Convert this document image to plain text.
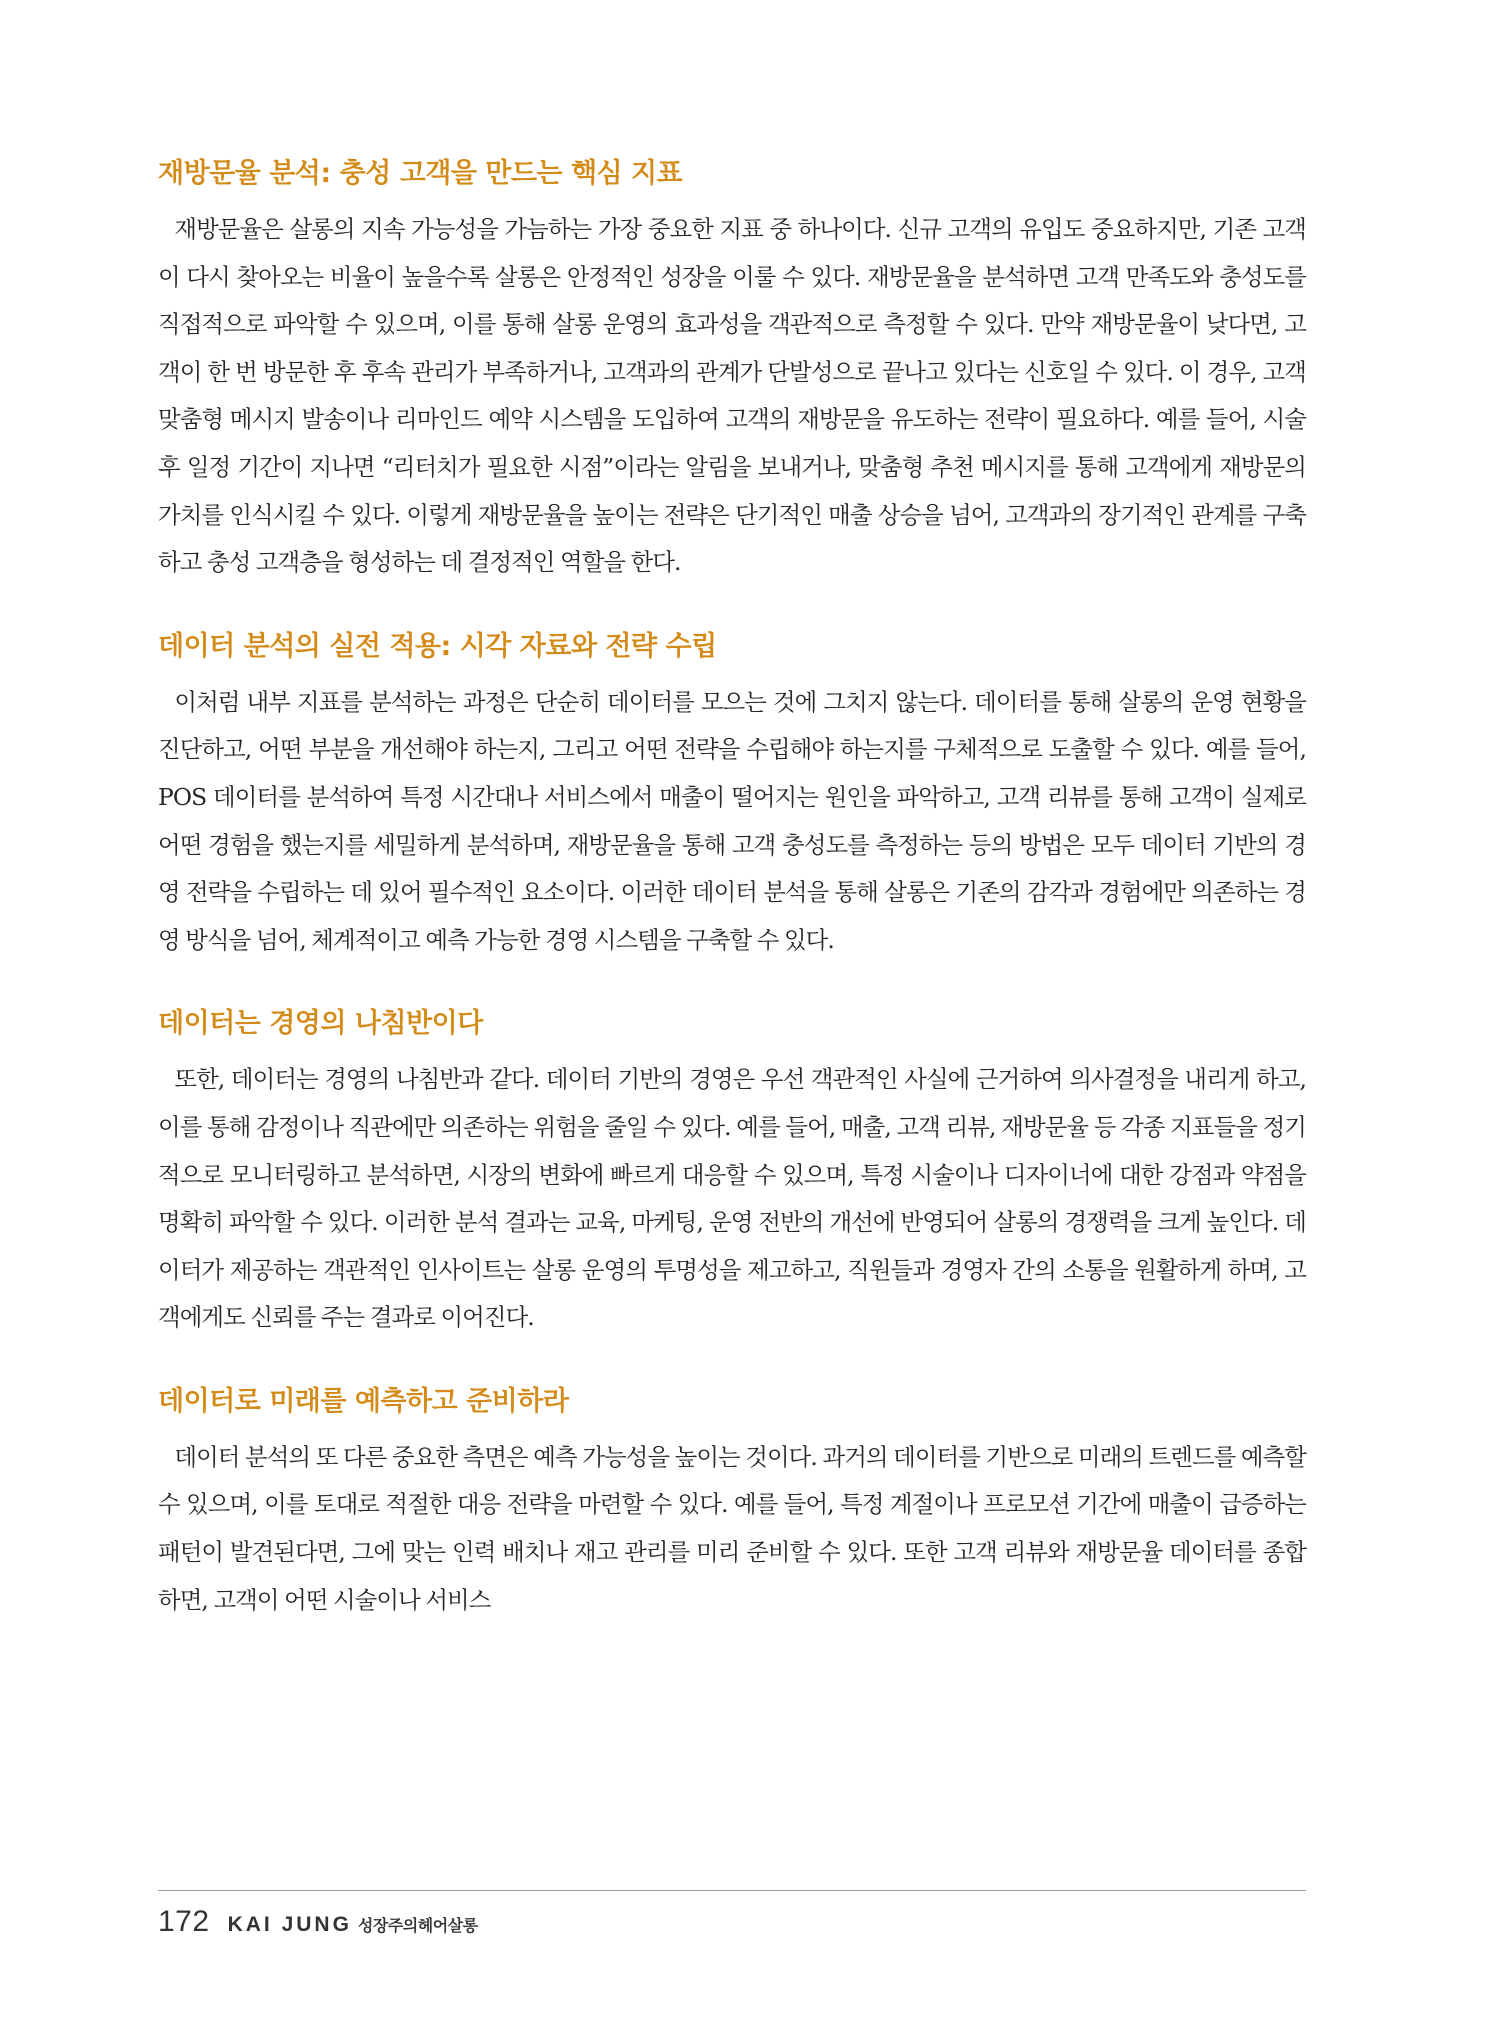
재방문율 분석: 충성 고객을 만드는 핵심 지표

재방문율은 살롱의 지속 가능성을 가늠하는 가장 중요한 지표 중 하나이다. 신규 고객의 유입도 중요하지만, 기존 고객이 다시 찾아오는 비율이 높을수록 살롱은 안정적인 성장을 이룰 수 있다. 재방문율을 분석하면 고객 만족도와 충성도를 직접적으로 파악할 수 있으며, 이를 통해 살롱 운영의 효과성을 객관적으로 측정할 수 있다. 만약 재방문율이 낮다면, 고객이 한 번 방문한 후 후속 관리가 부족하거나, 고객과의 관계가 단발성으로 끝나고 있다는 신호일 수 있다. 이 경우, 고객 맞춤형 메시지 발송이나 리마인드 예약 시스템을 도입하여 고객의 재방문을 유도하는 전략이 필요하다. 예를 들어, 시술 후 일정 기간이 지나면 “리터치가 필요한 시점”이라는 알림을 보내거나, 맞춤형 추천 메시지를 통해 고객에게 재방문의 가치를 인식시킬 수 있다. 이렇게 재방문율을 높이는 전략은 단기적인 매출 상승을 넘어, 고객과의 장기적인 관계를 구축하고 충성 고객층을 형성하는 데 결정적인 역할을 한다.

데이터 분석의 실전 적용: 시각 자료와 전략 수립

이처럼 내부 지표를 분석하는 과정은 단순히 데이터를 모으는 것에 그치지 않는다. 데이터를 통해 살롱의 운영 현황을 진단하고, 어떤 부분을 개선해야 하는지, 그리고 어떤 전략을 수립해야 하는지를 구체적으로 도출할 수 있다. 예를 들어, POS 데이터를 분석하여 특정 시간대나 서비스에서 매출이 떨어지는 원인을 파악하고, 고객 리뷰를 통해 고객이 실제로 어떤 경험을 했는지를 세밀하게 분석하며, 재방문율을 통해 고객 충성도를 측정하는 등의 방법은 모두 데이터 기반의 경영 전략을 수립하는 데 있어 필수적인 요소이다. 이러한 데이터 분석을 통해 살롱은 기존의 감각과 경험에만 의존하는 경영 방식을 넘어, 체계적이고 예측 가능한 경영 시스템을 구축할 수 있다.

데이터는 경영의 나침반이다

또한, 데이터는 경영의 나침반과 같다. 데이터 기반의 경영은 우선 객관적인 사실에 근거하여 의사결정을 내리게 하고, 이를 통해 감정이나 직관에만 의존하는 위험을 줄일 수 있다. 예를 들어, 매출, 고객 리뷰, 재방문율 등 각종 지표들을 정기적으로 모니터링하고 분석하면, 시장의 변화에 빠르게 대응할 수 있으며, 특정 시술이나 디자이너에 대한 강점과 약점을 명확히 파악할 수 있다. 이러한 분석 결과는 교육, 마케팅, 운영 전반의 개선에 반영되어 살롱의 경쟁력을 크게 높인다. 데이터가 제공하는 객관적인 인사이트는 살롱 운영의 투명성을 제고하고, 직원들과 경영자 간의 소통을 원활하게 하며, 고객에게도 신뢰를 주는 결과로 이어진다.

데이터로 미래를 예측하고 준비하라

데이터 분석의 또 다른 중요한 측면은 예측 가능성을 높이는 것이다. 과거의 데이터를 기반으로 미래의 트렌드를 예측할 수 있으며, 이를 토대로 적절한 대응 전략을 마련할 수 있다. 예를 들어, 특정 계절이나 프로모션 기간에 매출이 급증하는 패턴이 발견된다면, 그에 맞는 인력 배치나 재고 관리를 미리 준비할 수 있다. 또한 고객 리뷰와 재방문율 데이터를 종합하면, 고객이 어떤 시술이나 서비스

172 KAI JUNG 성장주의헤어살롱
